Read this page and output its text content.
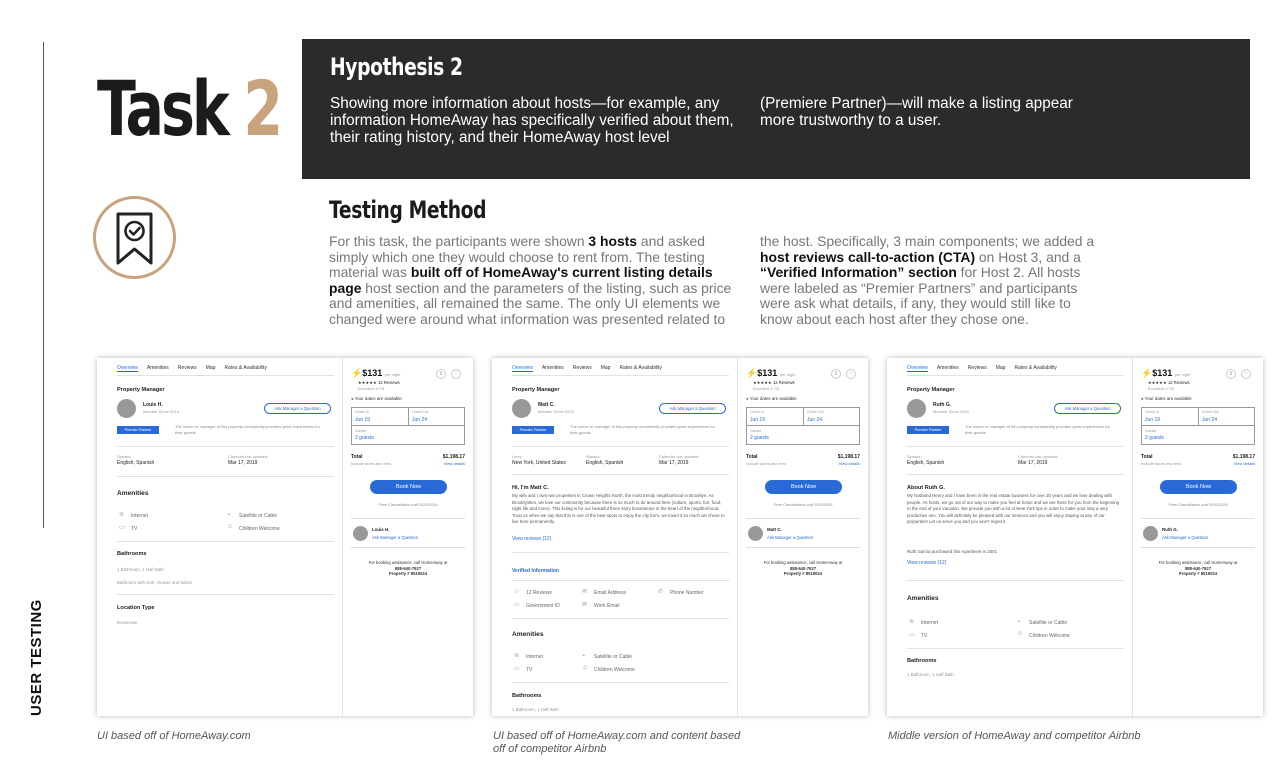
USER TESTING
Task 2 Hypothesis 2
Showing more information about hosts—for example, any information HomeAway has specifically verified about them, their rating history, and their HomeAway host level
(Premiere Partner)—will make a listing appear more trustworthy to a user.
Testing Method
For this task, the participants were shown 3 hosts and asked simply which one they would choose to rent from. The testing material was built off of HomeAway's current listing details page host section and the parameters of the listing, such as price and amenities, all remained the same. The only UI elements we changed were around what information was presented related to
the host. Specifically, 3 main components; we added a host reviews call-to-action (CTA) on Host 3, and a “Verified Information” section for Host 2. All hosts were labeled as “Premier Partners” and participants were ask what details, if any, they would still like to know about each host after they chose one.
Overview Amenities Reviews Map Rates & Availability
Property Manager
Louis H.
Member Since 2015
Ask Manager a Question
Premier Partner
The owner or manager of this property consistently provides great experiences for their guests.
Speaks:
English, Spanish
Calendar last updated:
Mar 17, 2019
Amenities
≋ Internet	⌁ Satellite or Cable
▭ TV	☺ Children Welcome
Bathrooms
1 Bathroom, 1 Half Bath
Bathroom with sink, shower and toilets
Location Type
Downtown
⚡$131 per night	⇪	♡
★★★★★ 12 Reviews
Excellent 4.7/5
● Your dates are available
Check In
Jun 19
Check Out
Jun 24
Guests
2 guests
Total
Include taxes and fees
$1,198.17
View details
Book Now
Free Cancellation until 5/20/2019
Louis H.
Ask Manager a Question
For booking assistance, call HomeAway at
888-640-7927
Property # 8519024
Overview Amenities Reviews Map Rates & Availability
Property Manager
Matt C.
Member Since 2015
Ask Manager a Question
Premier Partner
The owner or manager of this property consistently provides great experiences for their guests.
Lives:
New York, United States
Speaks:
English, Spanish
Calendar last updated:
Mar 17, 2019
Hi, I'm Matt C.
My wife and I own two properties in Crown Heights North, the most trendy neighborhood in Brooklyn. As Brooklynites, we love our community because there is so much to do around here (culture, sports, fun, food, night life and more). This listing is for our beautiful three story brownstone in the heart of the neighborhood. Trust us when we say that this is one of the best spots to enjoy the city from, we loved it so much we chose to live here permanently.
View reviews (12)
Verified Information
☆ 12 Reviews	✉ Email Address	✆ Phone Number
▭ Government ID	✉ Work Email
Amenities
≋ Internet	⌁ Satellite or Cable
▭ TV	☺ Children Welcome
Bathrooms
1 Bathroom, 1 Half Bath
⚡$131 per night	⇪	♡
★★★★★ 12 Reviews
Excellent 4.7/5
● Your dates are available
Check In
Jun 19
Check Out
Jun 24
Guests
2 guests
Total
Include taxes and fees
$1,198.17
View details
Book Now
Free Cancellation until 5/20/2019
Matt C.
Ask Manager a Question
For booking assistance, call HomeAway at
888-640-7927
Property # 8519024
Overview Amenities Reviews Map Rates & Availability
Property Manager
Ruth G.
Member Since 2015
Ask Manager a Question
Premier Partner
The owner or manager of this property consistently provides great experiences for their guests.
Speaks:
English, Spanish
Calendar last updated:
Mar 17, 2019
About Ruth G.
My husband Henry and I have been in the real estate business for over 20 years and we love dealing with people. As hosts, we go out of our way to make you feel at home and we are there for you from the beginning to the end of your vacation. We provide you with a lot of New York tips in order to make your stay a very productive one. You will definitely be pleased with our services and you will enjoy staying at any of our properties! Let us serve you and you won't regret it.
Ruth Garcia purchased this Apartment in 2001
View reviews (12)
Amenities
≋ Internet	⌁ Satellite or Cable
▭ TV	☺ Children Welcome
Bathrooms
1 Bathroom, 1 Half Bath
⚡$131 per night	⇪	♡
★★★★★ 12 Reviews
Excellent 4.7/5
● Your dates are available
Check In
Jun 19
Check Out
Jun 24
Guests
2 guests
Total
Include taxes and fees
$1,198.17
View details
Book Now
Free Cancellation until 5/20/2019
Ruth G.
Ask Manager a Question
For booking assistance, call HomeAway at
888-640-7927
Property # 8519024
UI based off of HomeAway.com	UI based off of HomeAway.com and content based off of competitor Airbnb
Middle version of HomeAway and competitor Airbnb
